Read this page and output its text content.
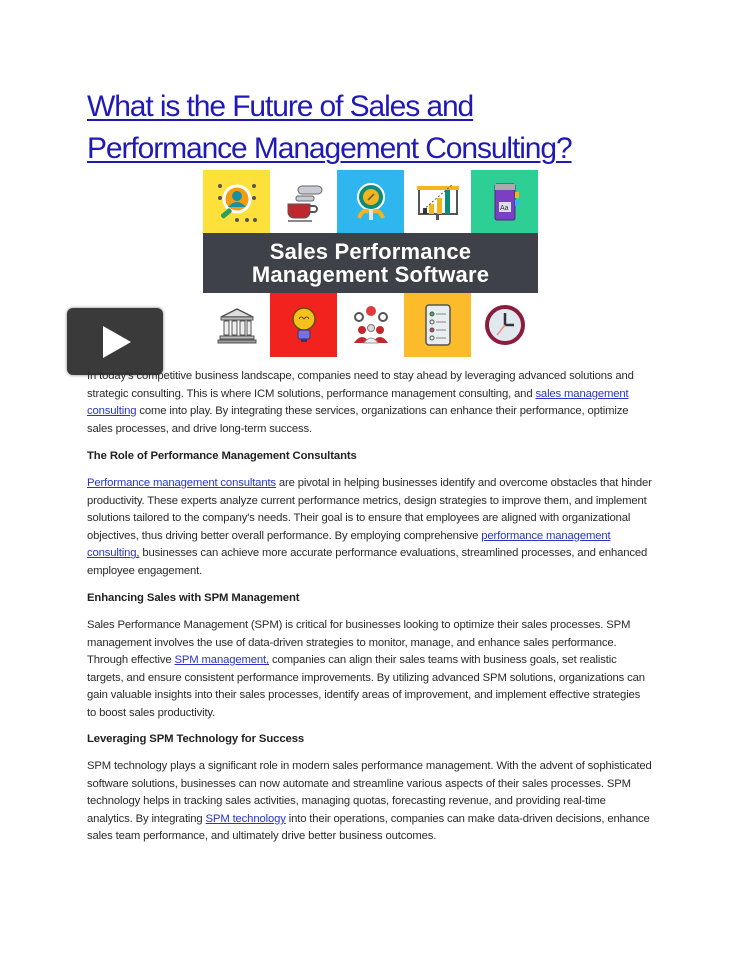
What is the Future of Sales and
Performance Management Consulting?
Aa
Sales Performance
Management Software

In today's competitive business landscape, companies need to stay ahead by leveraging advanced solutions and strategic consulting. This is where ICM solutions, performance management consulting, and sales management consulting come into play. By integrating these services, organizations can enhance their performance, optimize sales processes, and drive long-term success.

The Role of Performance Management Consultants

Performance management consultants are pivotal in helping businesses identify and overcome obstacles that hinder productivity. These experts analyze current performance metrics, design strategies to improve them, and implement solutions tailored to the company's needs. Their goal is to ensure that employees are aligned with organizational objectives, thus driving better overall performance. By employing comprehensive performance management consulting, businesses can achieve more accurate performance evaluations, streamlined processes, and enhanced employee engagement.

Enhancing Sales with SPM Management

Sales Performance Management (SPM) is critical for businesses looking to optimize their sales processes. SPM management involves the use of data-driven strategies to monitor, manage, and enhance sales performance. Through effective SPM management, companies can align their sales teams with business goals, set realistic targets, and ensure consistent performance improvements. By utilizing advanced SPM solutions, organizations can gain valuable insights into their sales processes, identify areas of improvement, and implement effective strategies to boost sales productivity.

Leveraging SPM Technology for Success

SPM technology plays a significant role in modern sales performance management. With the advent of sophisticated software solutions, businesses can now automate and streamline various aspects of their sales processes. SPM technology helps in tracking sales activities, managing quotas, forecasting revenue, and providing real-time analytics. By integrating SPM technology into their operations, companies can make data-driven decisions, enhance sales team performance, and ultimately drive better business outcomes.
